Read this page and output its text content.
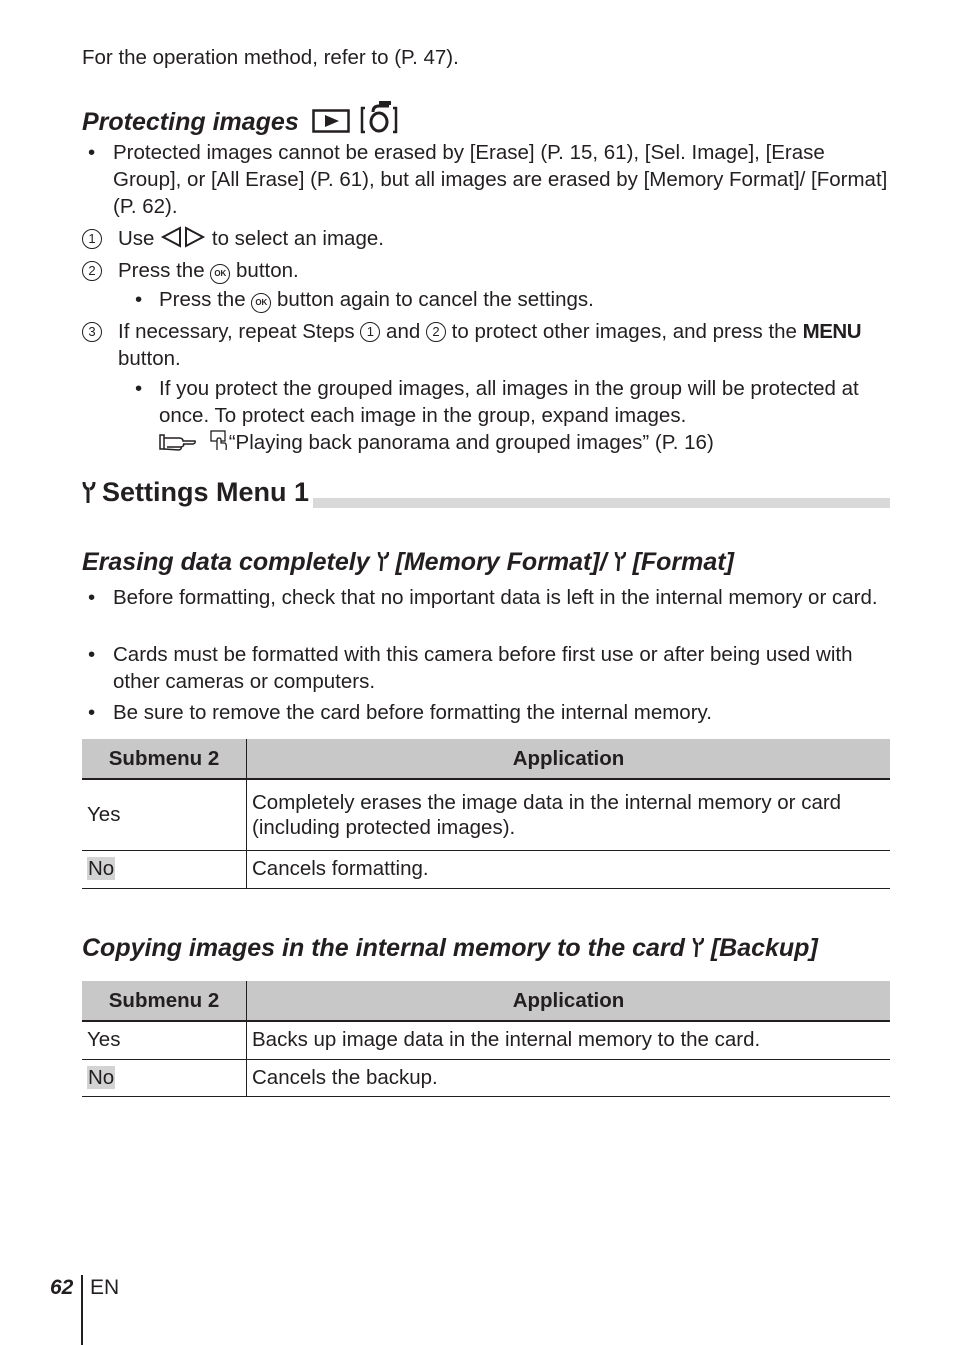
For the operation method, refer to (P. 47).
Protecting images
• Protected images cannot be erased by [Erase] (P. 15, 61), [Sel. Image], [Erase Group], or [All Erase] (P. 61), but all images are erased by [Memory Format]/ [Format] (P. 62).
1	Use	to select an image.
2	Press the OK button.
• Press the OK button again to cancel the settings.
3	If necessary, repeat Steps 1 and 2 to protect other images, and press the MENU button.
• If you protect the grouped images, all images in the group will be protected at once. To protect each image in the group, expand images.
“Playing back panorama and grouped images” (P. 16)
Settings Menu 1
Erasing data completely [Memory Format]/ [Format]
• Before formatting, check that no important data is left in the internal memory or card.
• Cards must be formatted with this camera before first use or after being used with other cameras or computers.
• Be sure to remove the card before formatting the internal memory.
Submenu 2	Application
Yes	Completely erases the image data in the internal memory or card (including protected images).
No	Cancels formatting.
Copying images in the internal memory to the card [Backup]
Submenu 2	Application
Yes	Backs up image data in the internal memory to the card.
No	Cancels the backup.
62 EN
